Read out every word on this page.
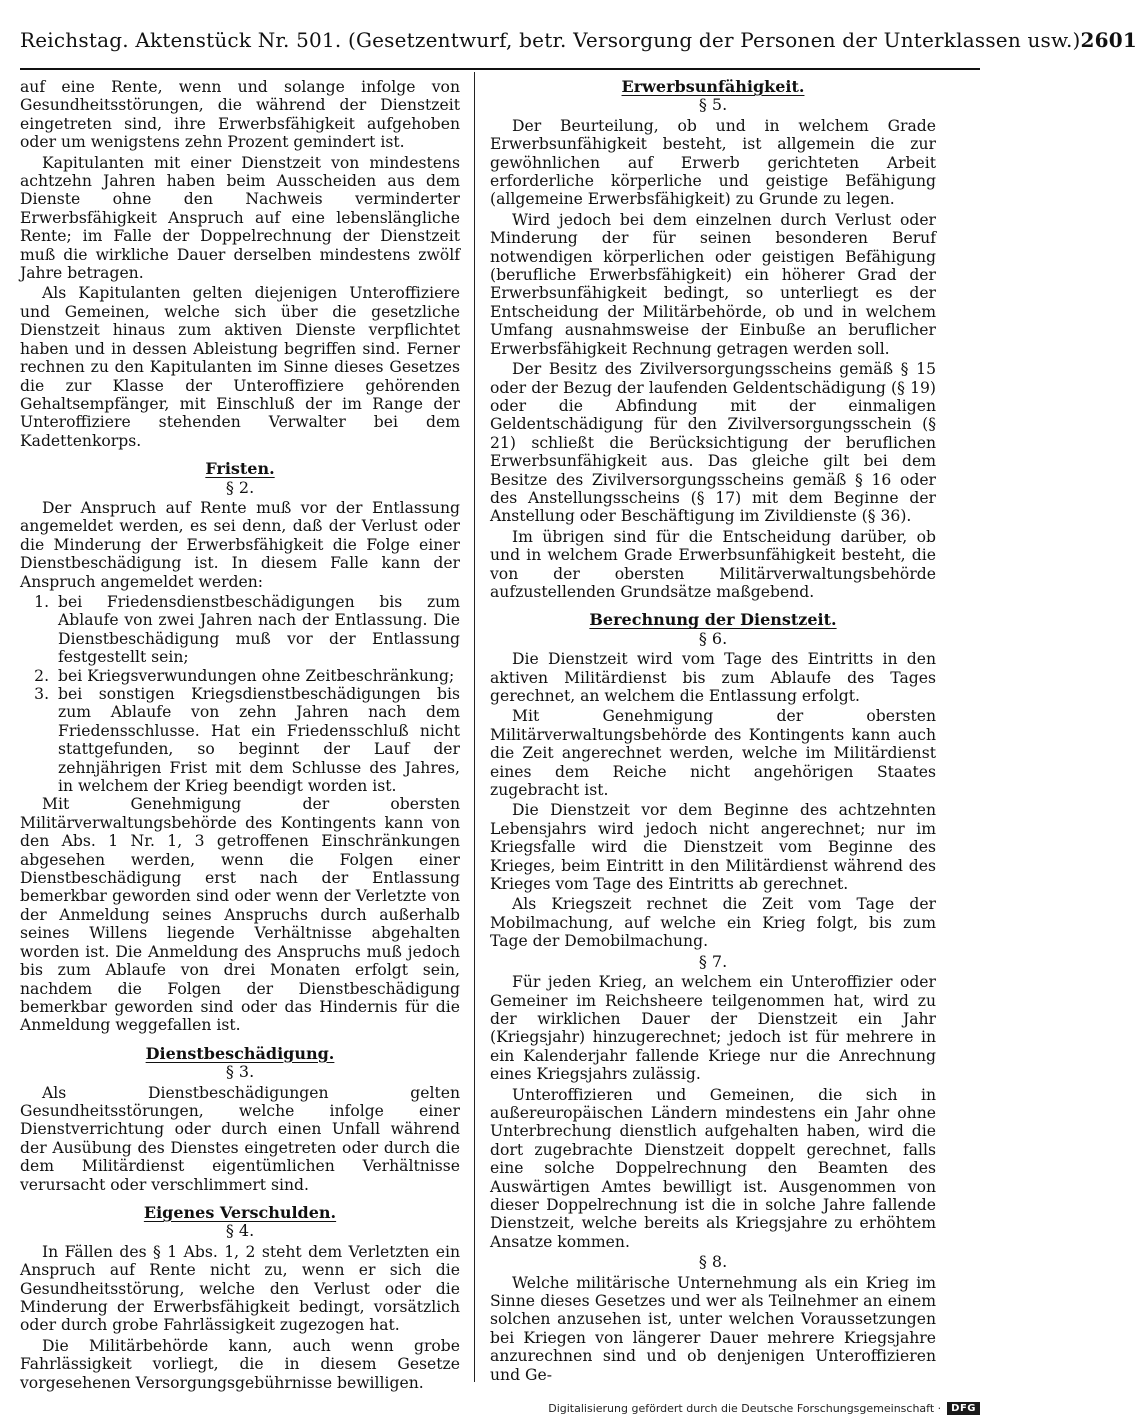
Reichstag. Aktenstück Nr. 501. (Gesetzentwurf, betr. Versorgung der Personen der Unterklassen usw.) 2601

auf eine Rente, wenn und solange infolge von Gesundheitsstörungen, die während der Dienstzeit eingetreten sind, ihre Erwerbsfähigkeit aufgehoben oder um wenigstens zehn Prozent gemindert ist.

Kapitulanten mit einer Dienstzeit von mindestens achtzehn Jahren haben beim Ausscheiden aus dem Dienste ohne den Nachweis verminderter Erwerbsfähigkeit Anspruch auf eine lebenslängliche Rente; im Falle der Doppelrechnung der Dienstzeit muß die wirkliche Dauer derselben mindestens zwölf Jahre betragen.

Als Kapitulanten gelten diejenigen Unteroffiziere und Gemeinen, welche sich über die gesetzliche Dienstzeit hinaus zum aktiven Dienste verpflichtet haben und in dessen Ableistung begriffen sind. Ferner rechnen zu den Kapitulanten im Sinne dieses Gesetzes die zur Klasse der Unteroffiziere gehörenden Gehaltsempfänger, mit Einschluß der im Range der Unteroffiziere stehenden Verwalter bei dem Kadettenkorps.

Fristen.
§ 2.

Der Anspruch auf Rente muß vor der Entlassung angemeldet werden, es sei denn, daß der Verlust oder die Minderung der Erwerbsfähigkeit die Folge einer Dienstbeschädigung ist. In diesem Falle kann der Anspruch angemeldet werden:

1. bei Friedensdienstbeschädigungen bis zum Ablaufe von zwei Jahren nach der Entlassung. Die Dienstbeschädigung muß vor der Entlassung festgestellt sein;
2. bei Kriegsverwundungen ohne Zeitbeschränkung;
3. bei sonstigen Kriegsdienstbeschädigungen bis zum Ablaufe von zehn Jahren nach dem Friedensschlusse. Hat ein Friedensschluß nicht stattgefunden, so beginnt der Lauf der zehnjährigen Frist mit dem Schlusse des Jahres, in welchem der Krieg beendigt worden ist.

Mit Genehmigung der obersten Militärverwaltungsbehörde des Kontingents kann von den Abs. 1 Nr. 1, 3 getroffenen Einschränkungen abgesehen werden, wenn die Folgen einer Dienstbeschädigung erst nach der Entlassung bemerkbar geworden sind oder wenn der Verletzte von der Anmeldung seines Anspruchs durch außerhalb seines Willens liegende Verhältnisse abgehalten worden ist. Die Anmeldung des Anspruchs muß jedoch bis zum Ablaufe von drei Monaten erfolgt sein, nachdem die Folgen der Dienstbeschädigung bemerkbar geworden sind oder das Hindernis für die Anmeldung weggefallen ist.

Dienstbeschädigung.
§ 3.

Als Dienstbeschädigungen gelten Gesundheitsstörungen, welche infolge einer Dienstverrichtung oder durch einen Unfall während der Ausübung des Dienstes eingetreten oder durch die dem Militärdienst eigentümlichen Verhältnisse verursacht oder verschlimmert sind.

Eigenes Verschulden.
§ 4.

In Fällen des § 1 Abs. 1, 2 steht dem Verletzten ein Anspruch auf Rente nicht zu, wenn er sich die Gesundheitsstörung, welche den Verlust oder die Minderung der Erwerbsfähigkeit bedingt, vorsätzlich oder durch grobe Fahrlässigkeit zugezogen hat.

Die Militärbehörde kann, auch wenn grobe Fahrlässigkeit vorliegt, die in diesem Gesetze vorgesehenen Versorgungsgebührnisse bewilligen.

Erwerbsunfähigkeit.
§ 5.

Der Beurteilung, ob und in welchem Grade Erwerbsunfähigkeit besteht, ist allgemein die zur gewöhnlichen auf Erwerb gerichteten Arbeit erforderliche körperliche und geistige Befähigung (allgemeine Erwerbsfähigkeit) zu Grunde zu legen.

Wird jedoch bei dem einzelnen durch Verlust oder Minderung der für seinen besonderen Beruf notwendigen körperlichen oder geistigen Befähigung (berufliche Erwerbsfähigkeit) ein höherer Grad der Erwerbsunfähigkeit bedingt, so unterliegt es der Entscheidung der Militärbehörde, ob und in welchem Umfang ausnahmsweise der Einbuße an beruflicher Erwerbsfähigkeit Rechnung getragen werden soll.

Der Besitz des Zivilversorgungsscheins gemäß § 15 oder der Bezug der laufenden Geldentschädigung (§ 19) oder die Abfindung mit der einmaligen Geldentschädigung für den Zivilversorgungsschein (§ 21) schließt die Berücksichtigung der beruflichen Erwerbsunfähigkeit aus. Das gleiche gilt bei dem Besitze des Zivilversorgungsscheins gemäß § 16 oder des Anstellungsscheins (§ 17) mit dem Beginne der Anstellung oder Beschäftigung im Zivildienste (§ 36).

Im übrigen sind für die Entscheidung darüber, ob und in welchem Grade Erwerbsunfähigkeit besteht, die von der obersten Militärverwaltungsbehörde aufzustellenden Grundsätze maßgebend.

Berechnung der Dienstzeit.
§ 6.

Die Dienstzeit wird vom Tage des Eintritts in den aktiven Militärdienst bis zum Ablaufe des Tages gerechnet, an welchem die Entlassung erfolgt.

Mit Genehmigung der obersten Militärverwaltungsbehörde des Kontingents kann auch die Zeit angerechnet werden, welche im Militärdienst eines dem Reiche nicht angehörigen Staates zugebracht ist.

Die Dienstzeit vor dem Beginne des achtzehnten Lebensjahrs wird jedoch nicht angerechnet; nur im Kriegsfalle wird die Dienstzeit vom Beginne des Krieges, beim Eintritt in den Militärdienst während des Krieges vom Tage des Eintritts ab gerechnet.

Als Kriegszeit rechnet die Zeit vom Tage der Mobilmachung, auf welche ein Krieg folgt, bis zum Tage der Demobilmachung.

§ 7.

Für jeden Krieg, an welchem ein Unteroffizier oder Gemeiner im Reichsheere teilgenommen hat, wird zu der wirklichen Dauer der Dienstzeit ein Jahr (Kriegsjahr) hinzugerechnet; jedoch ist für mehrere in ein Kalenderjahr fallende Kriege nur die Anrechnung eines Kriegsjahrs zulässig.

Unteroffizieren und Gemeinen, die sich in außereuropäischen Ländern mindestens ein Jahr ohne Unterbrechung dienstlich aufgehalten haben, wird die dort zugebrachte Dienstzeit doppelt gerechnet, falls eine solche Doppelrechnung den Beamten des Auswärtigen Amtes bewilligt ist. Ausgenommen von dieser Doppelrechnung ist die in solche Jahre fallende Dienstzeit, welche bereits als Kriegsjahre zu erhöhtem Ansatze kommen.

§ 8.

Welche militärische Unternehmung als ein Krieg im Sinne dieses Gesetzes und wer als Teilnehmer an einem solchen anzusehen ist, unter welchen Voraussetzungen bei Kriegen von längerer Dauer mehrere Kriegsjahre anzurechnen sind und ob denjenigen Unteroffizieren und Ge-

Digitalisierung gefördert durch die Deutsche Forschungsgemeinschaft ·	DFG
